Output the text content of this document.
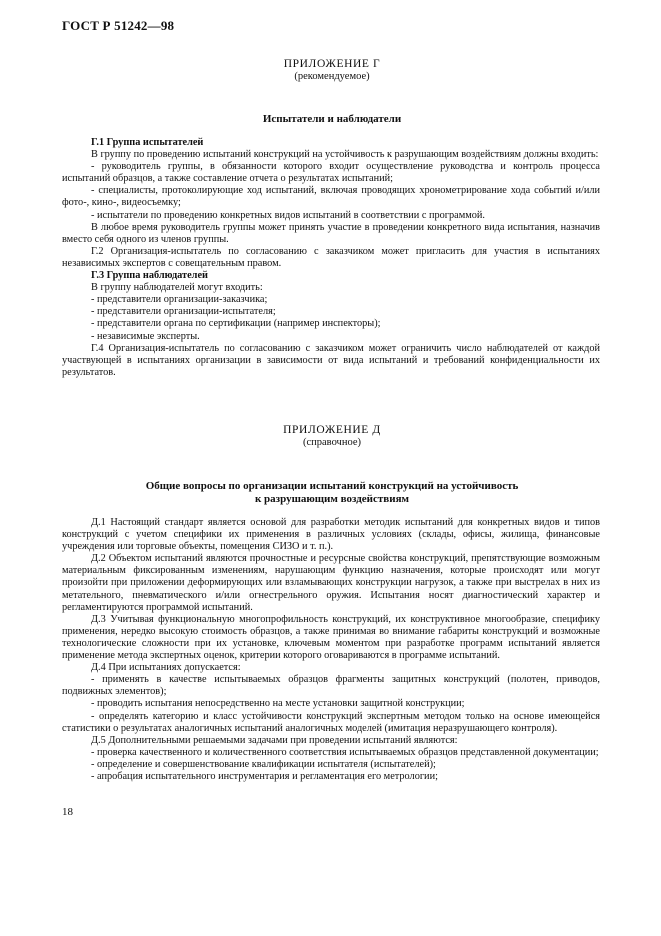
ГОСТ Р 51242—98
ПРИЛОЖЕНИЕ Г
(рекомендуемое)
Испытатели и наблюдатели

Г.1 Группа испытателей

В группу по проведению испытаний конструкций на устойчивость к разрушающим воздействиям должны входить:

- руководитель группы, в обязанности которого входит осуществление руководства и контроль процесса испытаний образцов, а также составление отчета о результатах испытаний;

- специалисты, протоколирующие ход испытаний, включая проводящих хронометрирование хода событий и/или фото-, кино-, видеосъемку;

- испытатели по проведению конкретных видов испытаний в соответствии с программой.

В любое время руководитель группы может принять участие в проведении конкретного вида испытания, назначив вместо себя одного из членов группы.

Г.2 Организация-испытатель по согласованию с заказчиком может пригласить для участия в испытаниях независимых экспертов с совещательным правом.

Г.3 Группа наблюдателей

В группу наблюдателей могут входить:

- представители организации-заказчика;

- представители организации-испытателя;

- представители органа по сертификации (например инспекторы);

- независимые эксперты.

Г.4 Организация-испытатель по согласованию с заказчиком может ограничить число наблюдателей от каждой участвующей в испытаниях организации в зависимости от вида испытаний и требований конфиденциальности их результатов.

ПРИЛОЖЕНИЕ Д
(справочное)
Общие вопросы по организации испытаний конструкций на устойчивость
к разрушающим воздействиям

Д.1 Настоящий стандарт является основой для разработки методик испытаний для конкретных видов и типов конструкций с учетом специфики их применения в различных условиях (склады, офисы, жилища, финансовые учреждения или торговые объекты, помещения СИЗО и т. п.).

Д.2 Объектом испытаний являются прочностные и ресурсные свойства конструкций, препятствующие возможным материальным фиксированным изменениям, нарушающим функцию назначения, которые происходят или могут произойти при приложении деформирующих или взламывающих конструкции нагрузок, а также при выстрелах в них из метательного, пневматического и/или огнестрельного оружия. Испытания носят диагностический характер и регламентируются программой испытаний.

Д.3 Учитывая функциональную многопрофильность конструкций, их конструктивное многообразие, специфику применения, нередко высокую стоимость образцов, а также принимая во внимание габариты конструкций и возможные технологические сложности при их установке, ключевым моментом при разработке программ испытаний является применение метода экспертных оценок, критерии которого оговариваются в программе испытаний.

Д.4 При испытаниях допускается:

- применять в качестве испытываемых образцов фрагменты защитных конструкций (полотен, приводов, подвижных элементов);

- проводить испытания непосредственно на месте установки защитной конструкции;

- определять категорию и класс устойчивости конструкций экспертным методом только на основе имеющейся статистики о результатах аналогичных испытаний аналогичных моделей (имитация неразрушающего контроля).

Д.5 Дополнительными решаемыми задачами при проведении испытаний являются:

- проверка качественного и количественного соответствия испытываемых образцов представленной документации;

- определение и совершенствование квалификации испытателя (испытателей);

- апробация испытательного инструментария и регламентация его метрологии;

18
